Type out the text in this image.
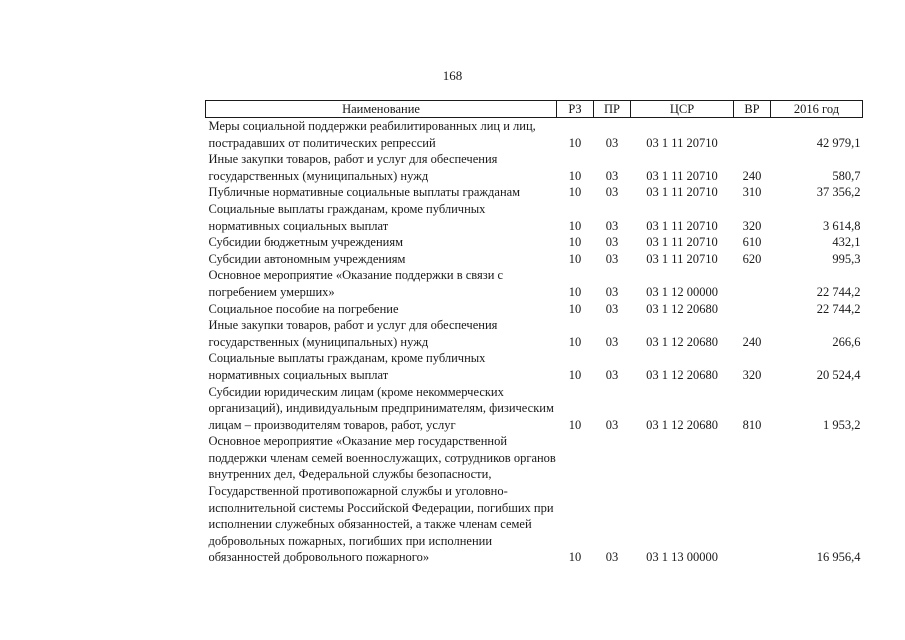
168
Наименование	РЗ	ПР	ЦСР	ВР	2016 год
Меры социальной поддержки реабилитированных лиц и лиц, пострадавших от политических репрессий	10	03	03 1 11 20710		42 979,1
Иные закупки товаров, работ и услуг для обеспечения государственных (муниципальных) нужд	10	03	03 1 11 20710	240	580,7
Публичные нормативные социальные выплаты гражданам	10	03	03 1 11 20710	310	37 356,2
Социальные выплаты гражданам, кроме публичных нормативных социальных выплат	10	03	03 1 11 20710	320	3 614,8
Субсидии бюджетным учреждениям	10	03	03 1 11 20710	610	432,1
Субсидии автономным учреждениям	10	03	03 1 11 20710	620	995,3
Основное мероприятие «Оказание поддержки в связи с погребением умерших»	10	03	03 1 12 00000		22 744,2
Социальное пособие на погребение	10	03	03 1 12 20680		22 744,2
Иные закупки товаров, работ и услуг для обеспечения государственных (муниципальных) нужд	10	03	03 1 12 20680	240	266,6
Социальные выплаты гражданам, кроме публичных нормативных социальных выплат	10	03	03 1 12 20680	320	20 524,4
Субсидии юридическим лицам (кроме некоммерческих организаций), индивидуальным предпринимателям, физическим лицам – производителям товаров, работ, услуг	10	03	03 1 12 20680	810	1 953,2
Основное мероприятие «Оказание мер государственной поддержки членам семей военнослужащих, сотрудников органов внутренних дел, Федеральной службы безопасности, Государственной противопожарной службы и уголовно-исполнительной системы Российской Федерации, погибших при исполнении служебных обязанностей, а также членам семей добровольных пожарных, погибших при исполнении обязанностей добровольного пожарного»	10	03	03 1 13 00000		16 956,4
